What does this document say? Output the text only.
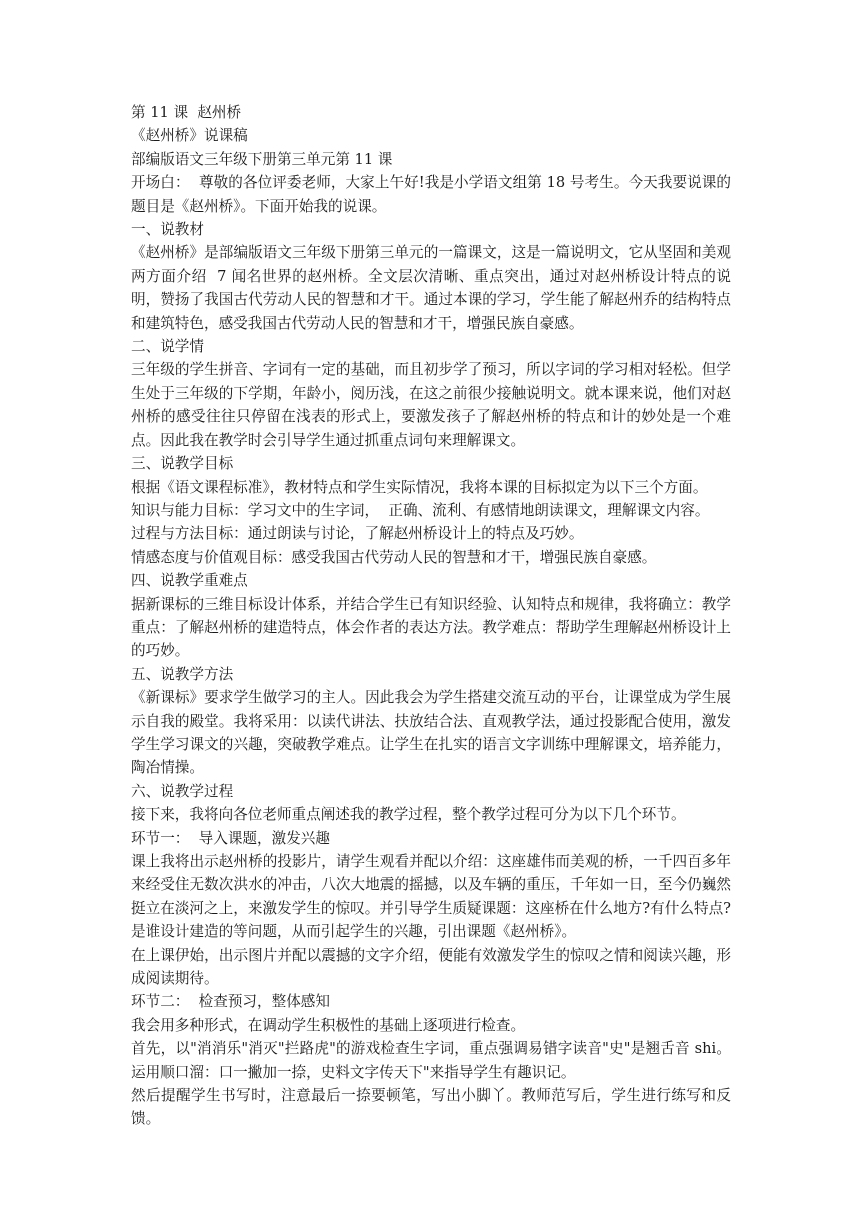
第 11 课  赵州桥

《赵州桥》说课稿

部编版语文三年级下册第三单元第 11 课

开场白：  尊敬的各位评委老师，大家上午好!我是小学语文组第 18 号考生。今天我要说课的题目是《赵州桥》。下面开始我的说课。

一、说教材

《赵州桥》是部编版语文三年级下册第三单元的一篇课文，这是一篇说明文，它从坚固和美观两方面介绍  7 闻名世界的赵州桥。全文层次清晰、重点突出，通过对赵州桥设计特点的说明，赞扬了我国古代劳动人民的智慧和才干。通过本课的学习，学生能了解赵州乔的结构特点和建筑特色，感受我国古代劳动人民的智慧和才干，增强民族自豪感。

二、说学情

三年级的学生拼音、字词有一定的基础，而且初步学了预习，所以字词的学习相对轻松。但学生处于三年级的下学期，年龄小，阅历浅，在这之前很少接触说明文。就本课来说，他们对赵州桥的感受往往只停留在浅表的形式上，要激发孩子了解赵州桥的特点和计的妙处是一个难点。因此我在教学时会引导学生通过抓重点词句来理解课文。

三、说教学目标

根据《语文课程标准》，教材特点和学生实际情况，我将本课的目标拟定为以下三个方面。

知识与能力目标：学习文中的生字词，  正确、流利、有感情地朗读课文，理解课文内容。

过程与方法目标：通过朗读与讨论，了解赵州桥设计上的特点及巧妙。

情感态度与价值观目标：感受我国古代劳动人民的智慧和才干，增强民族自豪感。

四、说教学重难点

据新课标的三维目标设计体系，并结合学生已有知识经验、认知特点和规律，我将确立：教学重点：了解赵州桥的建造特点，体会作者的表达方法。教学难点：帮助学生理解赵州桥设计上的巧妙。

五、说教学方法

《新课标》要求学生做学习的主人。因此我会为学生搭建交流互动的平台，让课堂成为学生展示自我的殿堂。我将采用：以读代讲法、扶放结合法、直观教学法，通过投影配合使用，激发学生学习课文的兴趣，突破教学难点。让学生在扎实的语言文字训练中理解课文，培养能力，陶冶情操。

六、说教学过程

接下来，我将向各位老师重点阐述我的教学过程，整个教学过程可分为以下几个环节。

环节一：  导入课题，激发兴趣

课上我将出示赵州桥的投影片，请学生观看并配以介绍：这座雄伟而美观的桥，一千四百多年来经受住无数次洪水的冲击，八次大地震的摇撼，以及车辆的重压，千年如一日，至今仍巍然挺立在淡河之上，来激发学生的惊叹。并引导学生质疑课题：这座桥在什么地方?有什么特点?是谁设计建造的等问题，从而引起学生的兴趣，引出课题《赵州桥》。

在上课伊始，出示图片并配以震撼的文字介绍，便能有效激发学生的惊叹之情和阅读兴趣，形成阅读期待。

环节二：  检查预习，整体感知

我会用多种形式，在调动学生积极性的基础上逐项进行检查。

首先，以"消消乐"消灭"拦路虎"的游戏检查生字词，重点强调易错字读音"史"是翘舌音 shi。运用顺口溜：口一撇加一捺，史料文字传天下"来指导学生有趣识记。

然后提醒学生书写时，注意最后一捺要顿笔，写出小脚丫。教师范写后，学生进行练写和反馈。
